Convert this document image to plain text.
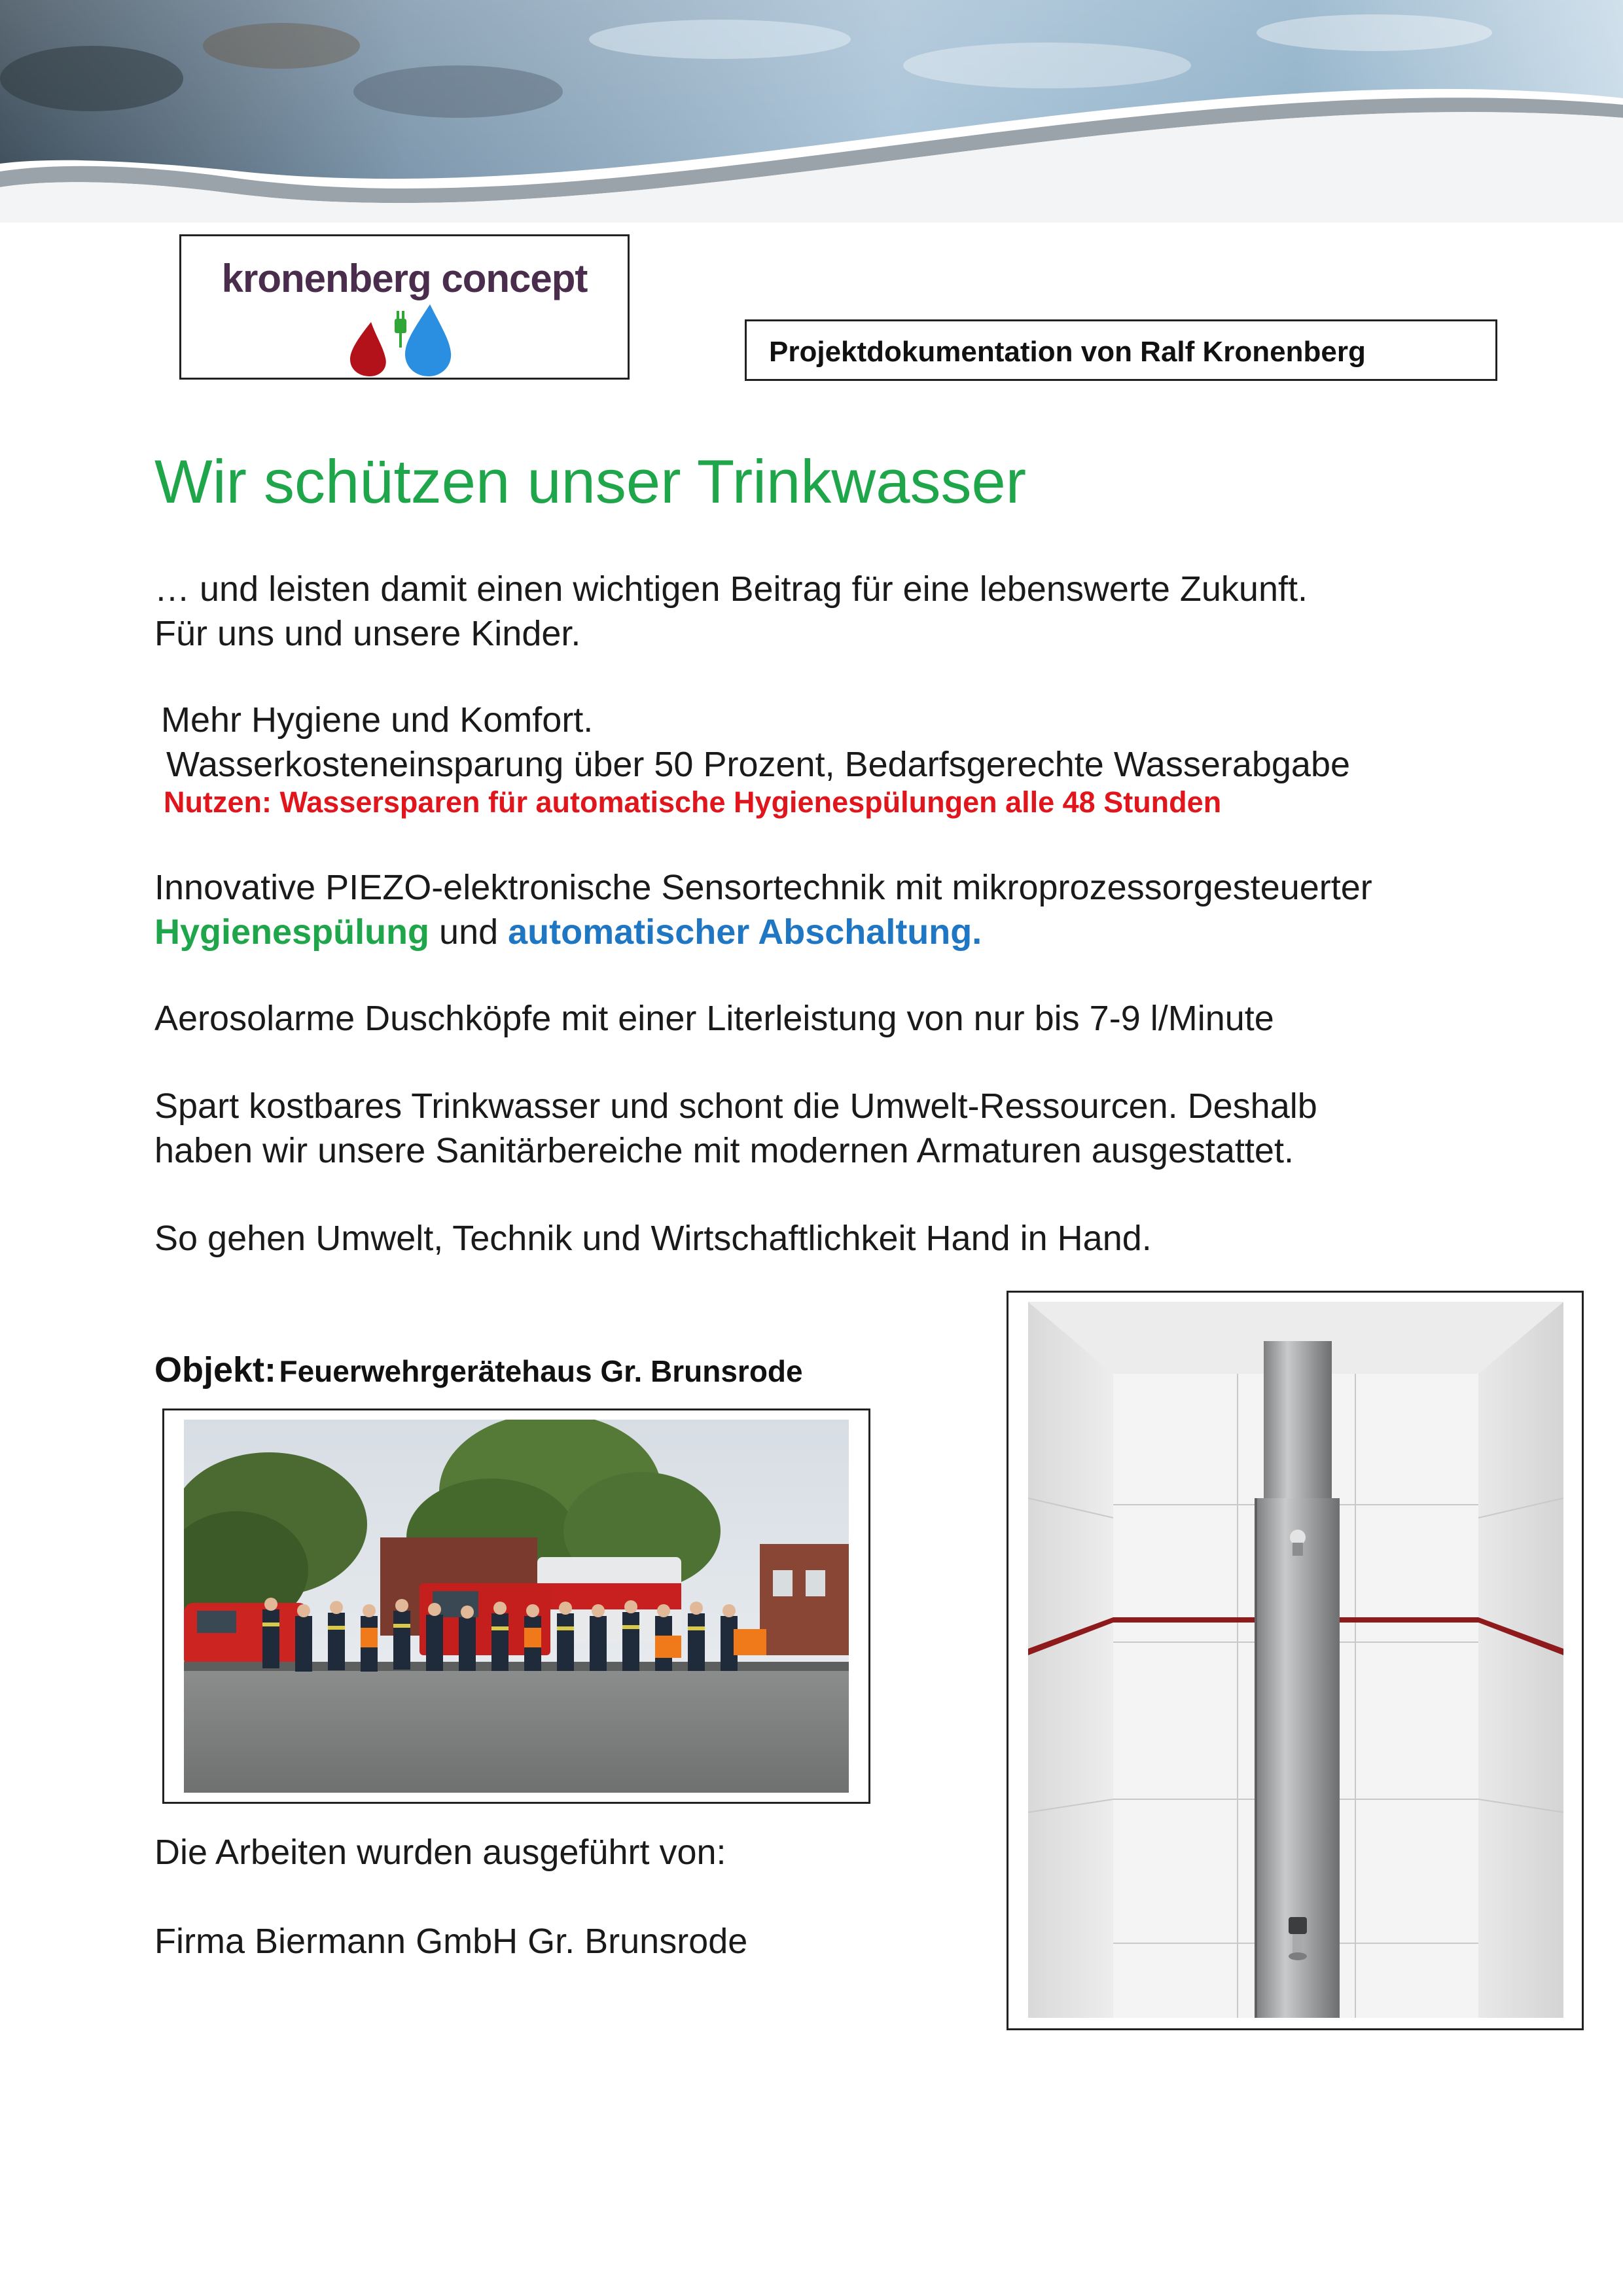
kronenberg concept
Projektdokumentation von Ralf Kronenberg
Wir schützen unser Trinkwasser
… und leisten damit einen wichtigen Beitrag für eine lebenswerte Zukunft.
Für uns und unsere Kinder.
Mehr Hygiene und Komfort.
Wasserkosteneinsparung über 50 Prozent, Bedarfsgerechte Wasserabgabe
Nutzen: Wassersparen für automatische Hygienespülungen alle 48 Stunden
Innovative PIEZO-elektronische Sensortechnik mit mikroprozessorgesteuerter
Hygienespülung und automatischer Abschaltung.
Aerosolarme Duschköpfe mit einer Literleistung von nur bis 7-9 l/Minute
Spart kostbares Trinkwasser und schont die Umwelt-Ressourcen. Deshalb
haben wir unsere Sanitärbereiche mit modernen Armaturen ausgestattet.
So gehen Umwelt, Technik und Wirtschaftlichkeit Hand in Hand.
Objekt: Feuerwehrgerätehaus Gr. Brunsrode
Die Arbeiten wurden ausgeführt von:
Firma Biermann GmbH Gr. Brunsrode
